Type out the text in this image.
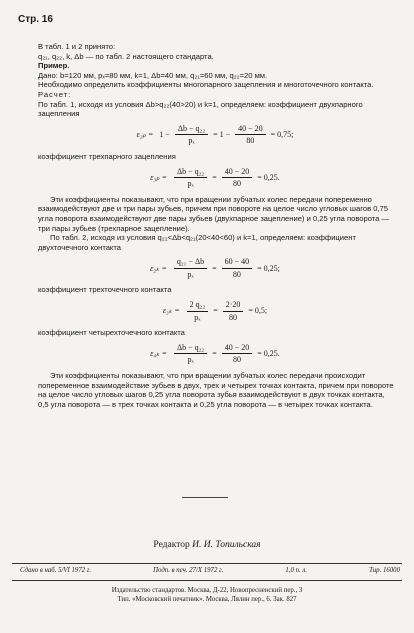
Стр. 16

В табл. 1 и 2 принято:

q₂₁, q₂₂, k, Δb — по табл. 2 настоящего стандарта.

Пример.

Дано: b=120 мм, pₓ=80 мм, k=1, Δb=40 мм, q₂₁=60 мм, q₂₂=20 мм.

Необходимо определить коэффициенты многопарного зацепления и многоточечного контакта.

Расчет:

По табл. 1, исходя из условия Δb>q₂₂(40>20) и k=1, определяем: коэффициент двухпарного зацепления

$\varepsilon_{2p} = 1 - \frac{\text{Δb − q₂₂}}{\text{pₓ}} = 1 - \frac{40 - 20}{80} = 0,75$;

коэффициент трехпарного зацепления

$\varepsilon_{3p} = \frac{\text{Δb − q₂₂}}{\text{pₓ}} = \frac{40 - 20}{80} = 0,25$.

Эти коэффициенты показывают, что при вращении зубчатых колес передачи попеременно взаимодействуют две и три пары зубьев, причем при повороте на целое число угловых шагов 0,75 угла поворота взаимодействуют две пары зубьев (двухпарное зацепление) и 0,25 угла поворота — три пары зубьев (трехпарное зацепление).

По табл. 2, исходя из условия q₂₂<Δb<q₂₁(20<40<60) и k=1, определяем: коэффициент двухточечного контакта

$\varepsilon_{2k} = \frac{\text{q₂₁ − Δb}}{\text{pₓ}} = \frac{60 - 40}{80} = 0,25$;

коэффициент трехточечного контакта

$\varepsilon_{3k} = \frac{\text{2 q₂₂}}{\text{pₓ}} = \frac{2\cdot 20}{80} = 0,5$;

коэффициент четырехточечного контакта

$\varepsilon_{4k} = \frac{\text{Δb − q₂₂}}{\text{pₓ}} = \frac{40 - 20}{80} = 0,25$.

Эти коэффициенты показывают, что при вращении зубчатых колес передачи происходит попеременное взаимодействие зубьев в двух, трех и четырех точках контакта, причем при повороте на целое число угловых шагов 0,25 угла поворота зубья взаимодействуют в двух точках контакта, 0,5 угла поворота — в трех точках контакта и 0,25 угла поворота — в четырех точках контакта.

Редактор И. И. Топильская
Сдано в наб. 5/VI 1972 г.	Подп. в печ. 27/X 1972 г.	1,0 п. л.	Тир. 16000
Издательство стандартов. Москва, Д-22, Новопресненский пер., 3
Тип. «Московский печатник». Москва, Лялин пер., 6. Зак. 827
